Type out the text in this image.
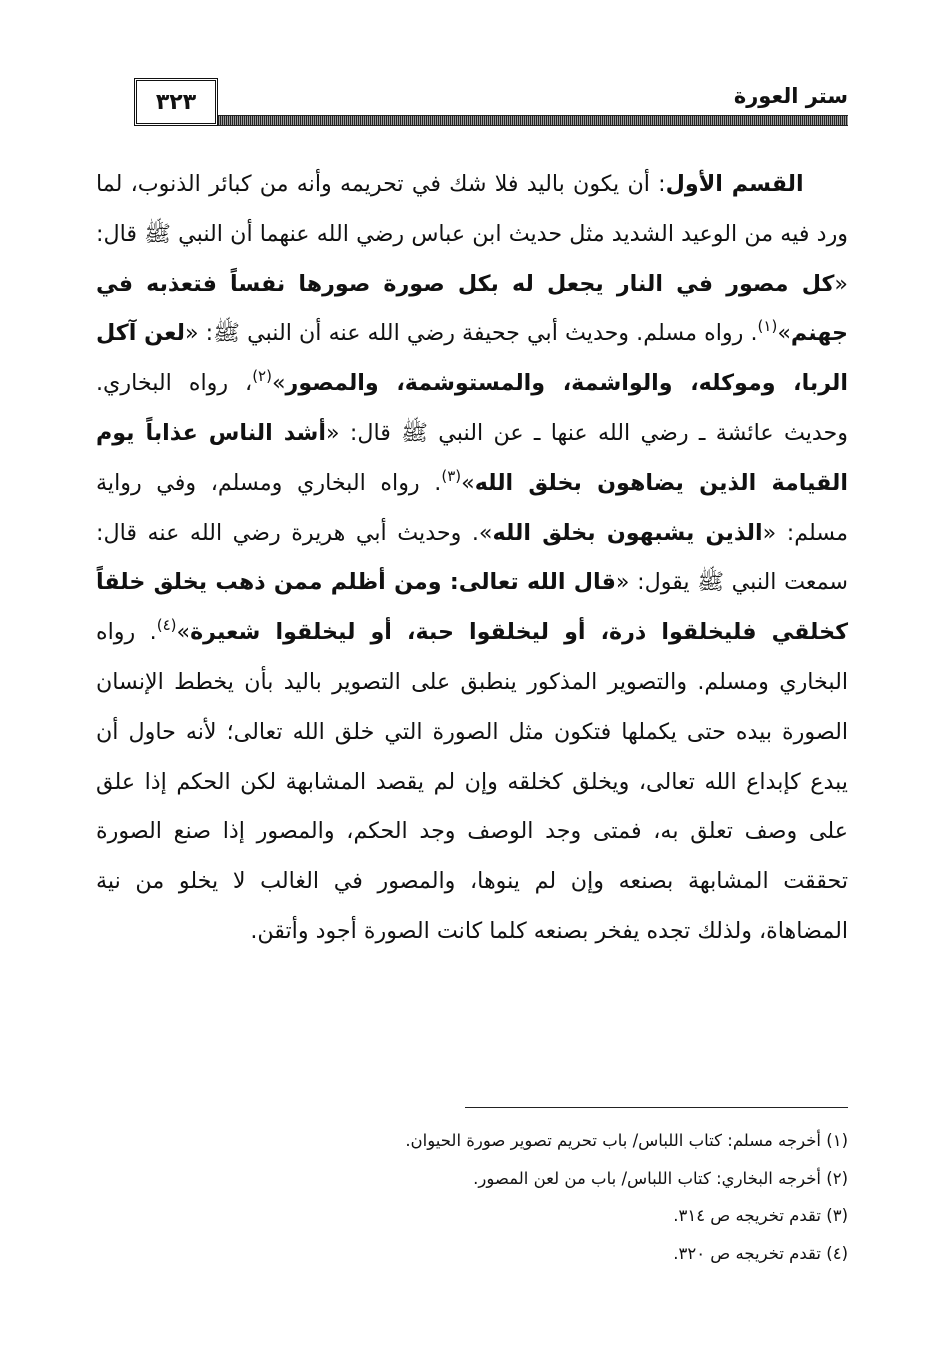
ستر العورة
٣٢٣

  القسم الأول: أن يكون باليد فلا شك في تحريمه وأنه من كبائر الذنوب، لما ورد فيه من الوعيد الشديد مثل حديث ابن عباس رضي الله عنهما أن النبي ﷺ قال: «كل مصور في النار يجعل له بكل صورة صورها نفساً فتعذبه في جهنم»$^{(١)}$. رواه مسلم. وحديث أبي جحيفة رضي الله عنه أن النبي ﷺ: «لعن آكل الربا، وموكله، والواشمة، والمستوشمة، والمصور»$^{(٢)}$، رواه البخاري. وحديث عائشة ـ رضي الله عنها ـ عن النبي ﷺ قال: «أشد الناس عذاباً يوم القيامة الذين يضاهون بخلق الله»$^{(٣)}$. رواه البخاري ومسلم، وفي رواية مسلم: «الذين يشبهون بخلق الله». وحديث أبي هريرة رضي الله عنه قال: سمعت النبي ﷺ يقول: «قال الله تعالى: ومن أظلم ممن ذهب يخلق خلقاً كخلقي فليخلقوا ذرة، أو ليخلقوا حبة، أو ليخلقوا شعيرة»$^{(٤)}$. رواه البخاري ومسلم. والتصوير المذكور ينطبق على التصوير باليد بأن يخطط الإنسان الصورة بيده حتى يكملها فتكون مثل الصورة التي خلق الله تعالى؛ لأنه حاول أن يبدع كإبداع الله تعالى، ويخلق كخلقه وإن لم يقصد المشابهة لكن الحكم إذا علق على وصف تعلق به، فمتى وجد الوصف وجد الحكم، والمصور إذا صنع الصورة تحققت المشابهة بصنعه وإن لم ينوها، والمصور في الغالب لا يخلو من نية المضاهاة، ولذلك تجده يفخر بصنعه كلما كانت الصورة أجود وأتقن.

(١) أخرجه مسلم: كتاب اللباس/ باب تحريم تصوير صورة الحيوان.
(٢) أخرجه البخاري: كتاب اللباس/ باب من لعن المصور.
(٣) تقدم تخريجه ص ٣١٤.
(٤) تقدم تخريجه ص ٣٢٠.
